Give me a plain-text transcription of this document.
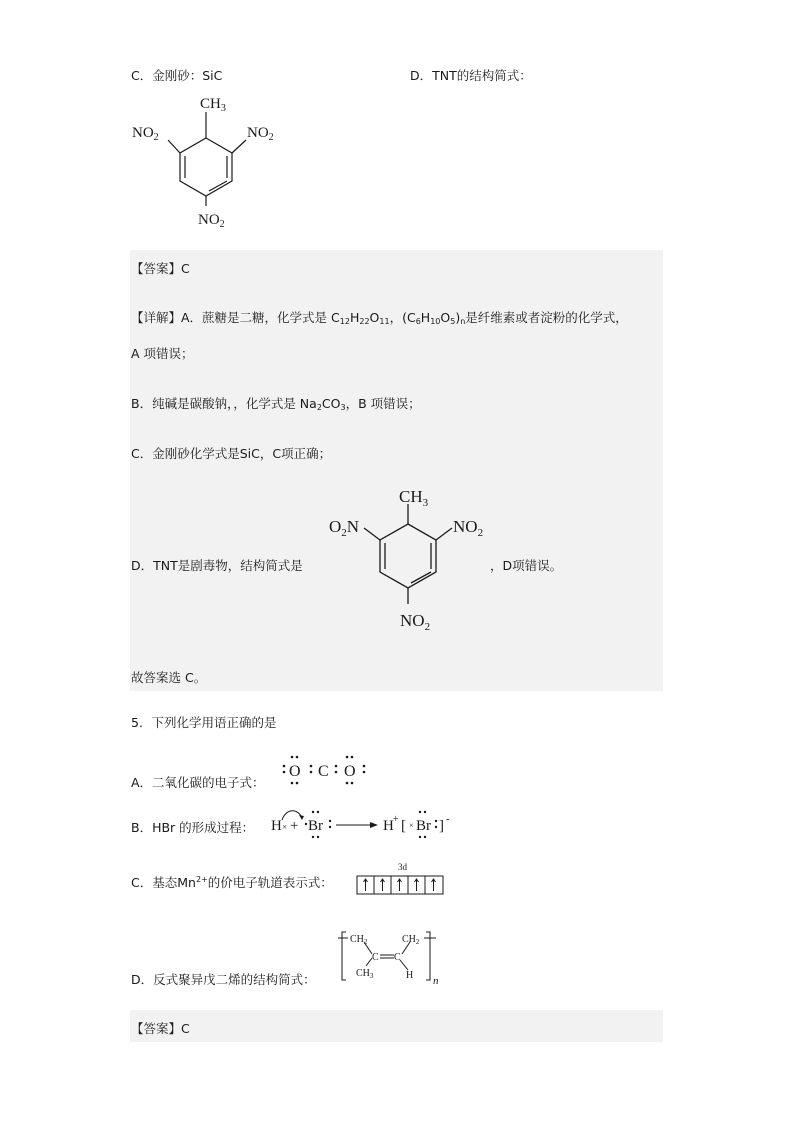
C．金刚砂：SiC	D．TNT的结构简式：
$CH_3$
$NO_2$
$NO_2$
$NO_2$
【答案】C
【详解】A．蔗糖是二糖，化学式是 $C_{12}H_{22}O_{11}$，$(C_6H_{10}O_5)_n$是纤维素或者淀粉的化学式，
A 项错误；
B．纯碱是碳酸钠，，化学式是 $Na_2CO_3$，B 项错误；
C．金刚砂化学式是SiC，C项正确；
D．TNT是剧毒物，结构简式是	，D项错误。
$CH_3$
$NO_2$
$O_2N$
$NO_2$
故答案选 C。
5．下列化学用语正确的是
A．二氧化碳的电子式：
O C O
B．HBr 的形成过程： H × + Br	H + [ × Br ] -
C．基态$Mn^{2+}$的价电子轨道表示式：
3d
D．反式聚异戊二烯的结构简式：
$CH_2$	$CH_2$
C C
$CH_3$	H n
【答案】C
